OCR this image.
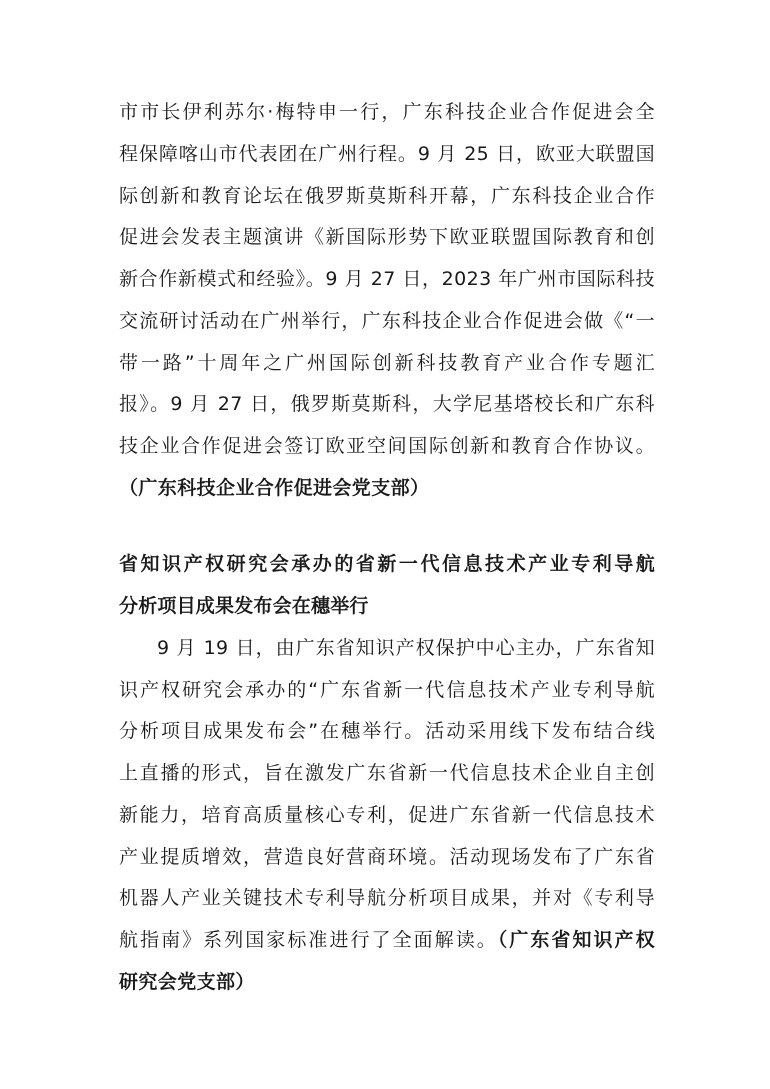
市市长伊利苏尔·梅特申一行，广东科技企业合作促进会全
程保障喀山市代表团在广州行程。9 月 25 日，欧亚大联盟国
际创新和教育论坛在俄罗斯莫斯科开幕，广东科技企业合作
促进会发表主题演讲《新国际形势下欧亚联盟国际教育和创
新合作新模式和经验》。9 月 27 日，2023 年广州市国际科技
交流研讨活动在广州举行，广东科技企业合作促进会做《“一
带一路”十周年之广州国际创新科技教育产业合作专题汇
报》。9 月 27 日，俄罗斯莫斯科，大学尼基塔校长和广东科
技企业合作促进会签订欧亚空间国际创新和教育合作协议。
（广东科技企业合作促进会党支部）
省知识产权研究会承办的省新一代信息技术产业专利导航
分析项目成果发布会在穗举行
9 月 19 日，由广东省知识产权保护中心主办，广东省知
识产权研究会承办的“广东省新一代信息技术产业专利导航
分析项目成果发布会”在穗举行。活动采用线下发布结合线
上直播的形式，旨在激发广东省新一代信息技术企业自主创
新能力，培育高质量核心专利，促进广东省新一代信息技术
产业提质增效，营造良好营商环境。活动现场发布了广东省
机器人产业关键技术专利导航分析项目成果，并对《专利导
航指南》系列国家标准进行了全面解读。（广东省知识产权
研究会党支部）
